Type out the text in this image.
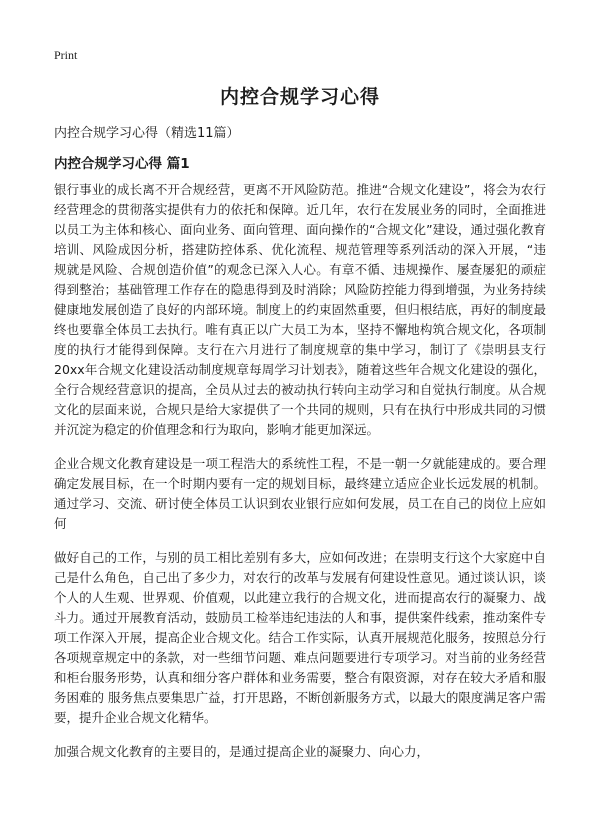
Print
内控合规学习心得

内控合规学习心得（精选11篇）

内控合规学习心得 篇1

银行事业的成长离不开合规经营，更离不开风险防范。推进“合规文化建设”，将会为农行经营理念的贯彻落实提供有力的依托和保障。近几年，农行在发展业务的同时，全面推进以员工为主体和核心、面向业务、面向管理、面向操作的“合规文化”建设，通过强化教育培训、风险成因分析，搭建防控体系、优化流程、规范管理等系列活动的深入开展，“违规就是风险、合规创造价值”的观念已深入人心。有章不循、违规操作、屡查屡犯的顽症得到整治；基础管理工作存在的隐患得到及时消除；风险防控能力得到增强，为业务持续健康地发展创造了良好的内部环境。制度上的约束固然重要，但归根结底，再好的制度最终也要靠全体员工去执行。唯有真正以广大员工为本，坚持不懈地构筑合规文化，各项制度的执行才能得到保障。支行在六月进行了制度规章的集中学习，制订了《崇明县支行20xx年合规文化建设活动制度规章每周学习计划表》，随着这些年合规文化建设的强化，全行合规经营意识的提高，全员从过去的被动执行转向主动学习和自觉执行制度。从合规文化的层面来说，合规只是给大家提供了一个共同的规则，只有在执行中形成共同的习惯并沉淀为稳定的价值理念和行为取向，影响才能更加深远。

企业合规文化教育建设是一项工程浩大的系统性工程，不是一朝一夕就能建成的。要合理确定发展目标，在一个时期内要有一定的规划目标，最终建立适应企业长远发展的机制。通过学习、交流、研讨使全体员工认识到农业银行应如何发展，员工在自己的岗位上应如何

做好自己的工作，与别的员工相比差别有多大，应如何改进；在崇明支行这个大家庭中自己是什么角色，自己出了多少力，对农行的改革与发展有何建设性意见。通过谈认识，谈个人的人生观、世界观、价值观，以此建立我行的合规文化，进而提高农行的凝聚力、战斗力。通过开展教育活动，鼓励员工检举违纪违法的人和事，提供案件线索，推动案件专项工作深入开展，提高企业合规文化。结合工作实际，认真开展规范化服务，按照总分行各项规章规定中的条款，对一些细节问题、难点问题要进行专项学习。对当前的业务经营和柜台服务形势，认真和细分客户群体和业务需要，整合有限资源，对存在较大矛盾和服务困难的 服务焦点要集思广益，打开思路，不断创新服务方式，以最大的限度满足客户需要，提升企业合规文化精华。

加强合规文化教育的主要目的，是通过提高企业的凝聚力、向心力，
